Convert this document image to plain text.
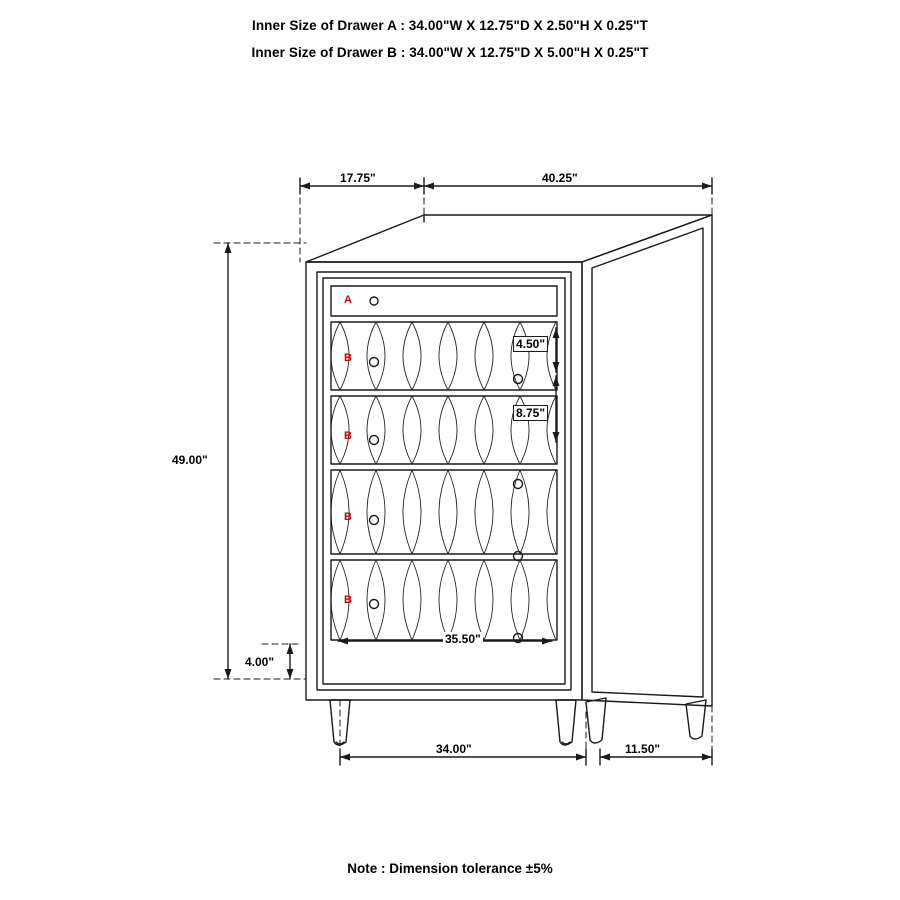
Inner Size of Drawer A : 34.00"W X 12.75"D X 2.50"H X 0.25"T
Inner Size of Drawer B : 34.00"W X 12.75"D X 5.00"H X 0.25"T
17.75"	40.25"
49.00"
4.00"
4.50"
8.75"
35.50"
34.00"	11.50"
A
B
B
B
B
Note : Dimension tolerance ±5%
